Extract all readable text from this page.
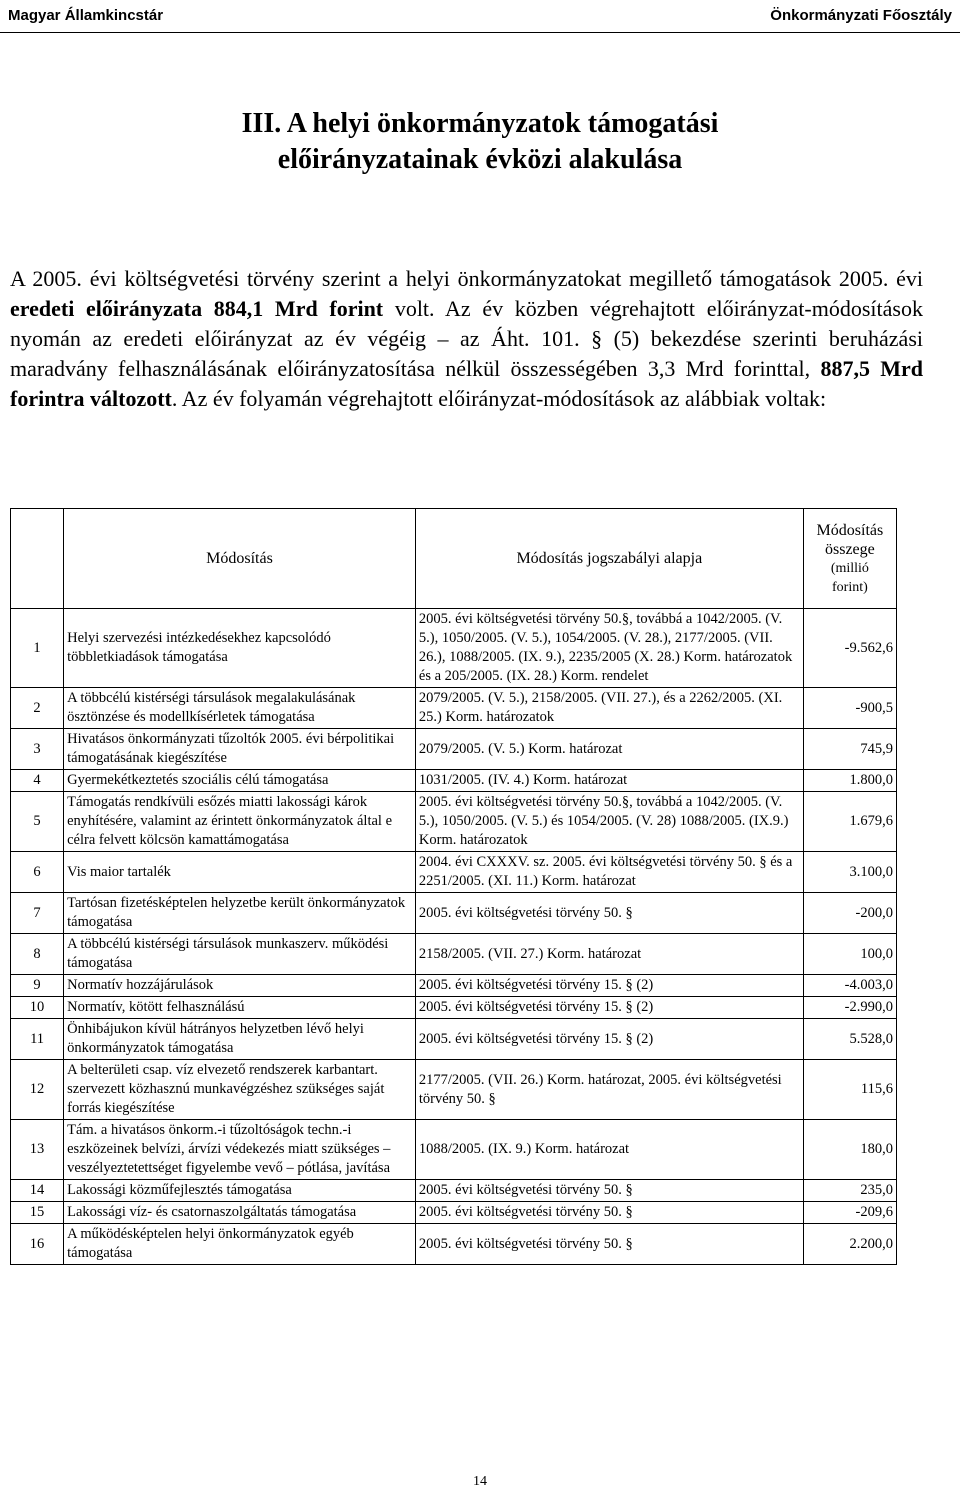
Magyar Államkincstár	Önkormányzati Főosztály
III. A helyi önkormányzatok támogatási
előirányzatainak évközi alakulása

A 2005. évi költségvetési törvény szerint a helyi önkormányzatokat megillető támogatások 2005. évi eredeti előirányzata 884,1 Mrd forint volt. Az év közben végrehajtott előirányzat-módosítások nyomán az eredeti előirányzat az év végéig – az Áht. 101. § (5) bekezdése szerinti beruházási maradvány felhasználásának előirányzatosítása nélkül összességében 3,3 Mrd forinttal, 887,5 Mrd forintra változott. Az év folyamán végrehajtott előirányzat-módosítások az alábbiak voltak:

	Módosítás	Módosítás jogszabályi alapja	Módosítás
összege
(millió
forint)

1	Helyi szervezési intézkedésekhez kapcsolódó többletkiadások támogatása	2005. évi költségvetési törvény 50.§, továbbá a 1042/2005. (V. 5.), 1050/2005. (V. 5.), 1054/2005. (V. 28.), 2177/2005. (VII. 26.), 1088/2005. (IX. 9.), 2235/2005 (X. 28.) Korm. határozatok és a 205/2005. (IX. 28.) Korm. rendelet	-9.562,6
2	A többcélú kistérségi társulások megalakulásának ösztönzése és modellkísérletek támogatása	2079/2005. (V. 5.), 2158/2005. (VII. 27.), és a 2262/2005. (XI. 25.) Korm. határozatok	-900,5
3	Hivatásos önkormányzati tűzoltók 2005. évi bérpolitikai támogatásának kiegészítése	2079/2005. (V. 5.) Korm. határozat	745,9
4	Gyermekétkeztetés szociális célú támogatása	1031/2005. (IV. 4.) Korm. határozat	1.800,0
5	Támogatás rendkívüli esőzés miatti lakossági károk enyhítésére, valamint az érintett önkormányzatok által e célra felvett kölcsön kamattámogatása	2005. évi költségvetési törvény 50.§, továbbá a 1042/2005. (V. 5.), 1050/2005. (V. 5.) és 1054/2005. (V. 28) 1088/2005. (IX.9.) Korm. határozatok	1.679,6
6	Vis maior tartalék	2004. évi CXXXV. sz. 2005. évi költségvetési törvény 50. § és a 2251/2005. (XI. 11.) Korm. határozat	3.100,0
7	Tartósan fizetésképtelen helyzetbe került önkormányzatok támogatása	2005. évi költségvetési törvény 50. §	-200,0
8	A többcélú kistérségi társulások munkaszerv. működési támogatása	2158/2005. (VII. 27.) Korm. határozat	100,0
9	Normatív hozzájárulások	2005. évi költségvetési törvény 15. § (2)	-4.003,0
10	Normatív, kötött felhasználású	2005. évi költségvetési törvény 15. § (2)	-2.990,0
11	Önhibájukon kívül hátrányos helyzetben lévő helyi önkormányzatok támogatása	2005. évi költségvetési törvény 15. § (2)	5.528,0
12	A belterületi csap. víz elvezető rendszerek karbantart. szervezett közhasznú munkavégzéshez szükséges saját forrás kiegészítése	2177/2005. (VII. 26.) Korm. határozat, 2005. évi költségvetési törvény 50. §	115,6
13	Tám. a hivatásos önkorm.-i tűzoltóságok techn.-i eszközeinek belvízi, árvízi védekezés miatt szükséges – veszélyeztetettséget figyelembe vevő – pótlása, javítása	1088/2005. (IX. 9.) Korm. határozat	180,0
14	Lakossági közműfejlesztés támogatása	2005. évi költségvetési törvény 50. §	235,0
15	Lakossági víz- és csatornaszolgáltatás támogatása	2005. évi költségvetési törvény 50. §	-209,6
16	A működésképtelen helyi önkormányzatok egyéb támogatása	2005. évi költségvetési törvény 50. §	2.200,0
14
